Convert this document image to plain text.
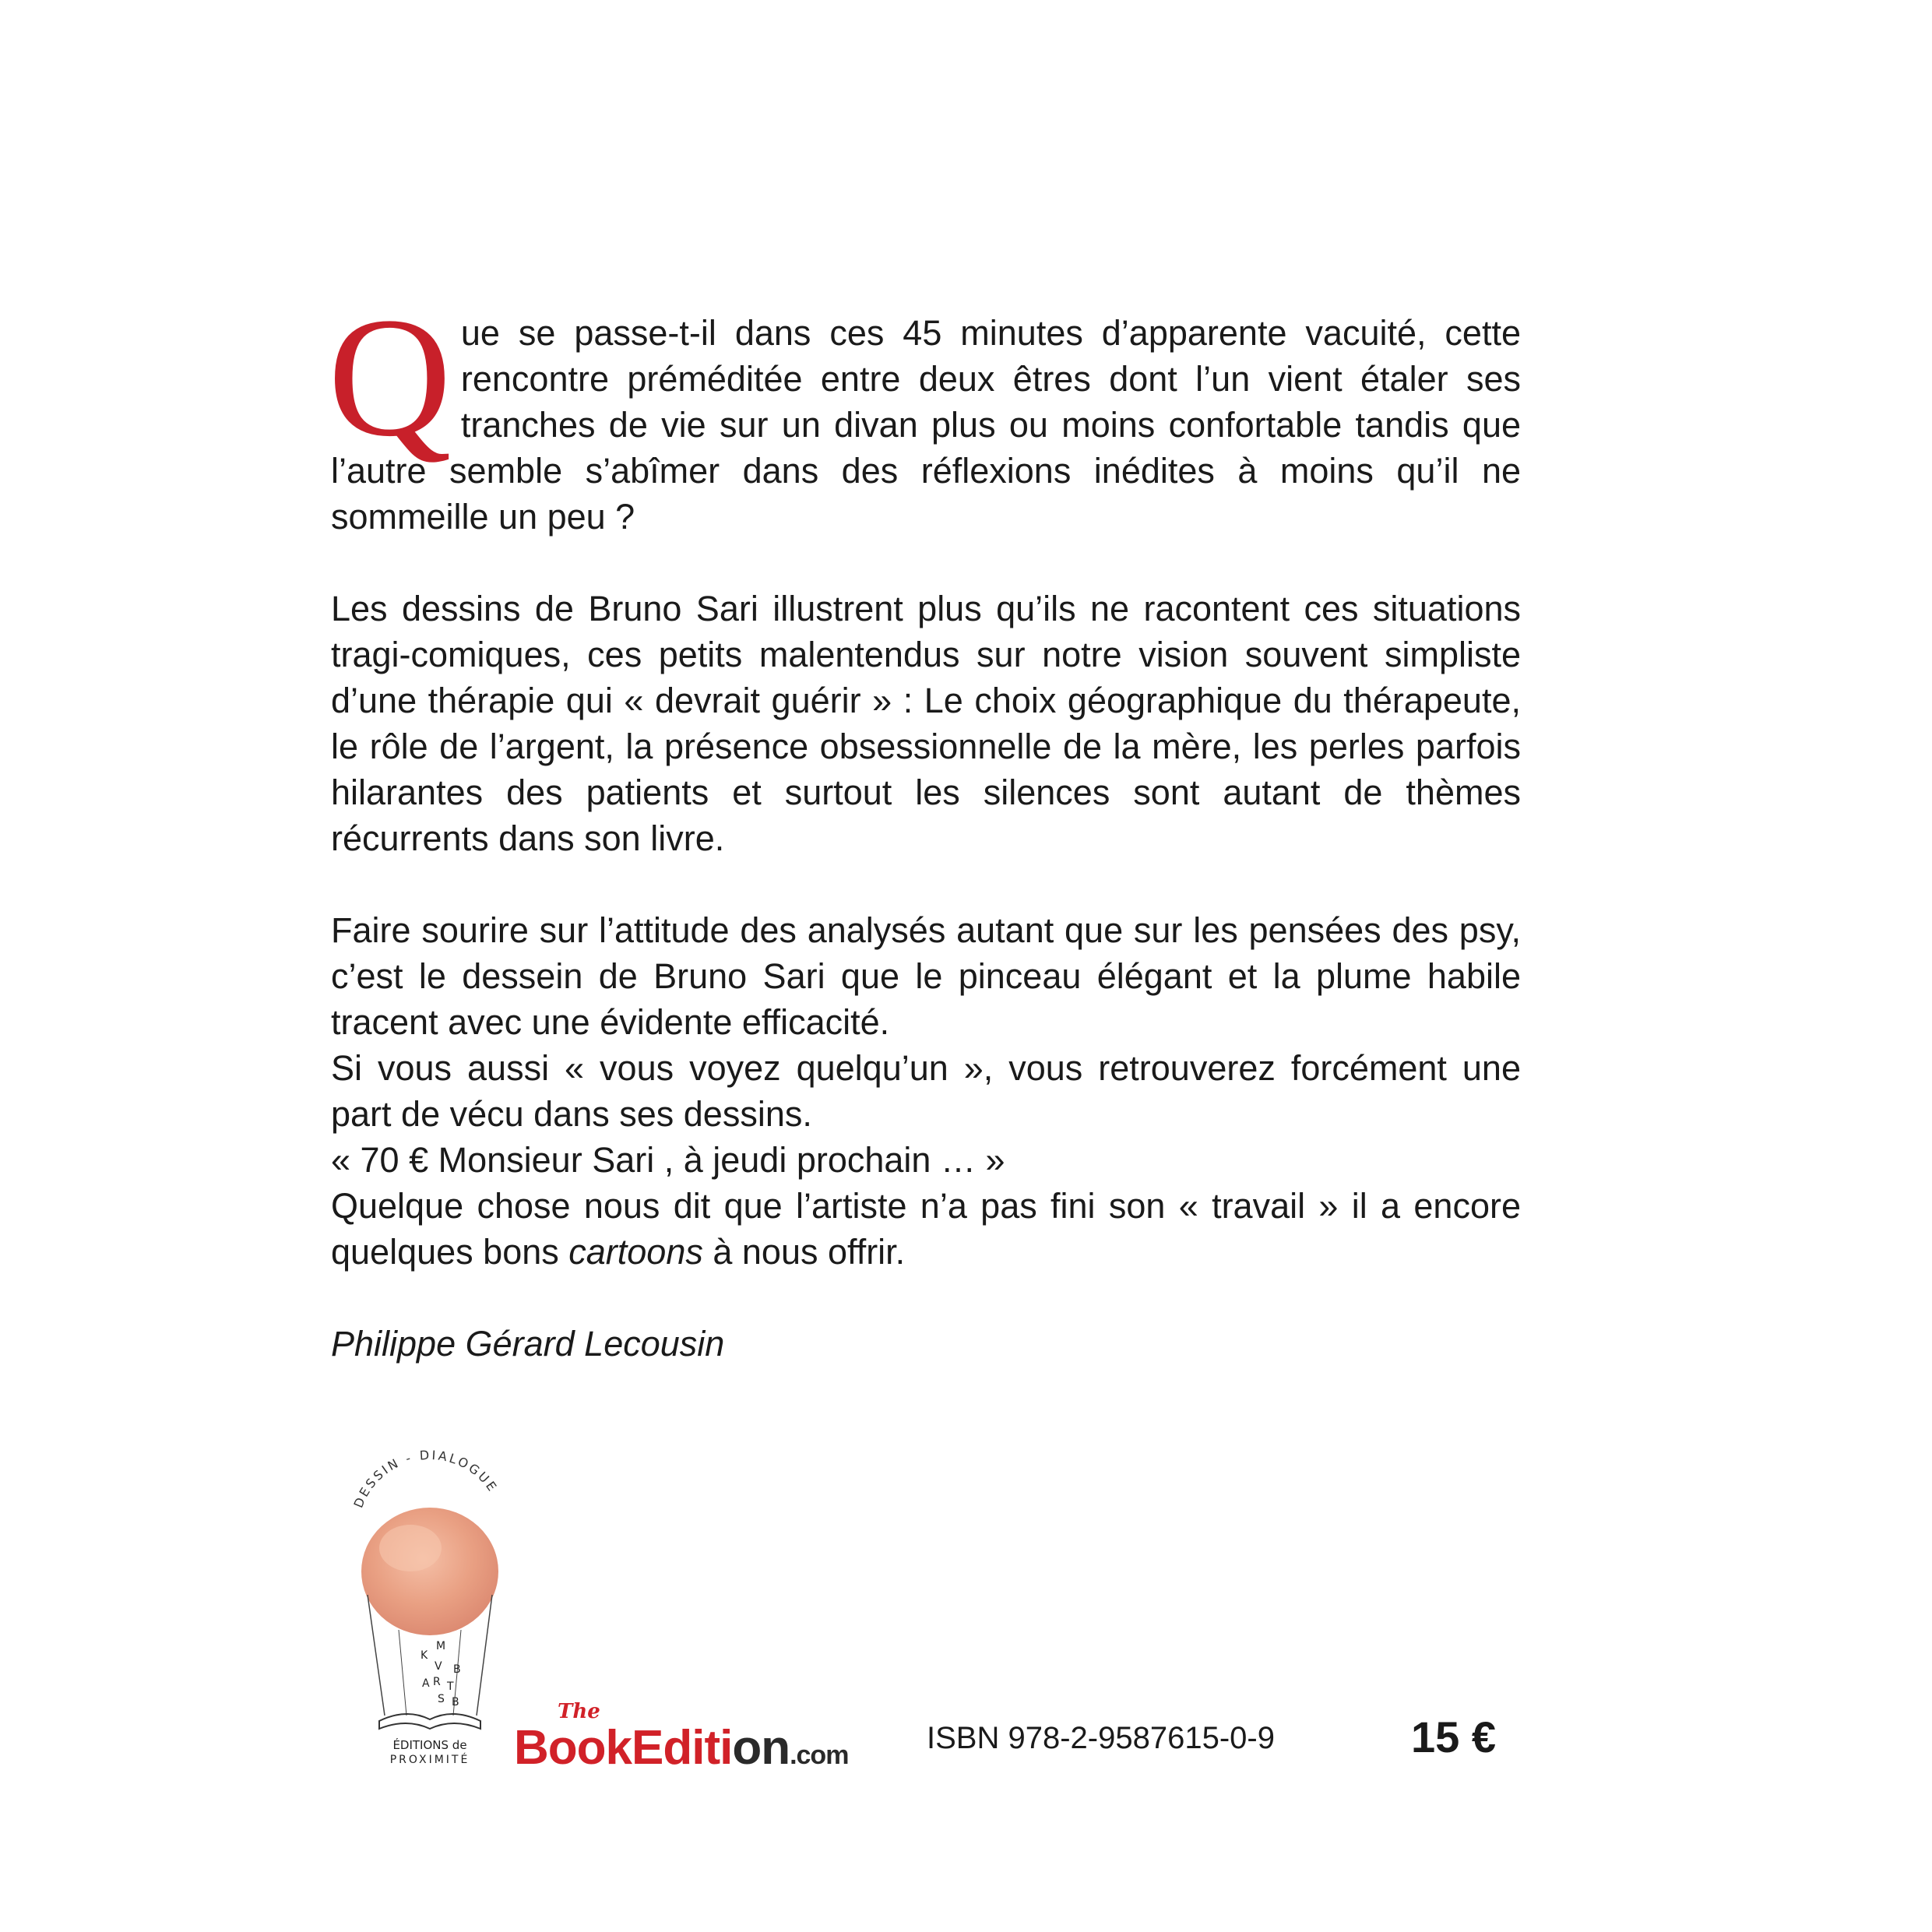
Que se passe-t-il dans ces 45 minutes d’apparente vacuité, cette rencontre préméditée entre deux êtres dont l’un vient étaler ses tranches de vie sur un divan plus ou moins confortable tandis que l’autre semble s’abîmer dans des réflexions inédites à moins qu’il ne sommeille un peu ?

Les dessins de Bruno Sari illustrent plus qu’ils ne racontent ces situations tragi-comiques, ces petits malentendus sur notre vision souvent simpliste d’une thérapie qui « devrait guérir » : Le choix géographique du thérapeute, le rôle de l’argent, la présence obsessionnelle de la mère, les perles parfois hilarantes des patients et surtout les silences sont autant de thèmes récurrents dans son livre.

Faire sourire sur l’attitude des analysés autant que sur les pensées des psy, c’est le dessein de Bruno Sari que le pinceau élégant et la plume habile tracent avec une évidente efficacité.

Si vous aussi « vous voyez quelqu’un », vous retrouverez forcément une part de vécu dans ses dessins.

« 70 € Monsieur Sari , à jeudi prochain … »

Quelque chose nous dit que l’artiste n’a pas fini son « travail » il a encore quelques bons cartoons à nous offrir.

Philippe Gérard Lecousin

DESSIN - DIALOGUE
M
K
V B
A R T
S B
ÉDITIONS de
PROXIMITÉ
The
BookEdition.com	ISBN 978-2-9587615-0-9	15 €
